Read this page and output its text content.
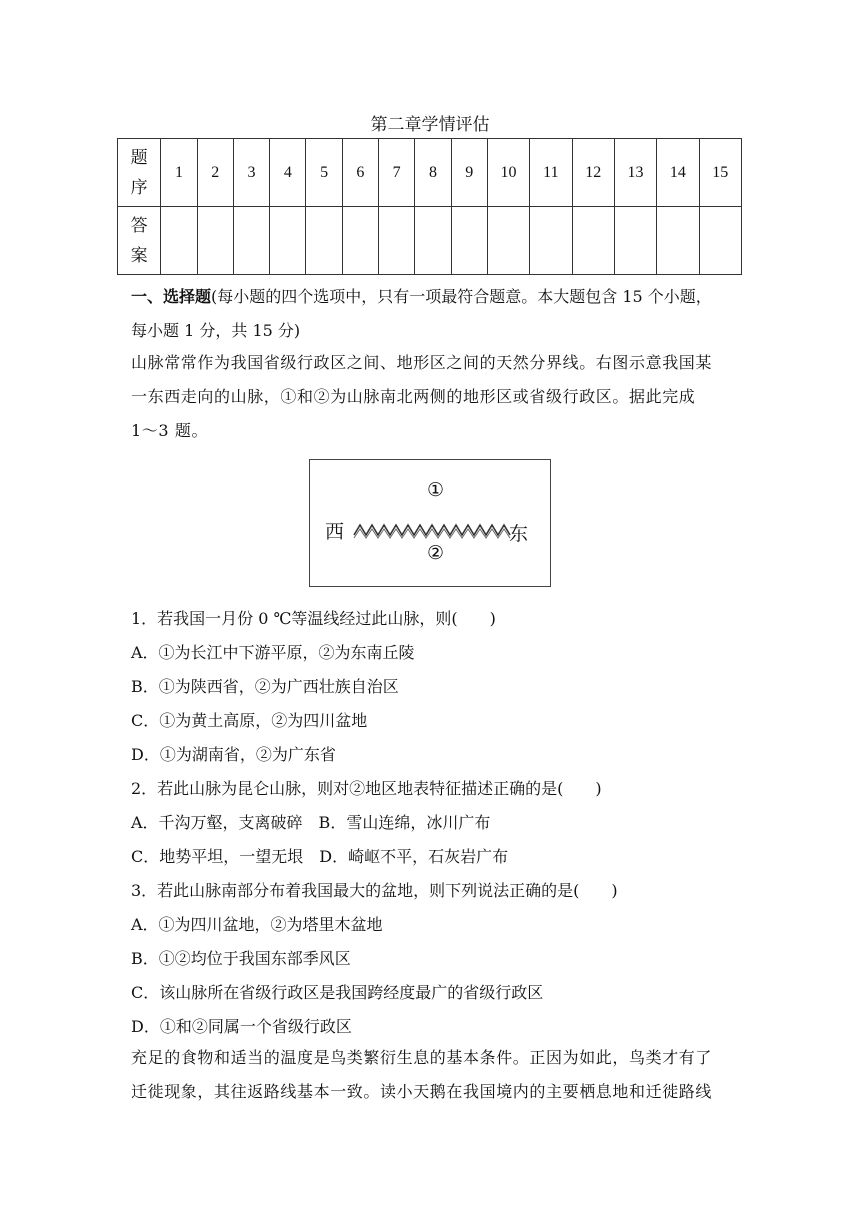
第二章学情评估
题
序	1	2	3	4	5	6	7	8	9	10	11	12	13	14	15

答
案															

一、选择题(每小题的四个选项中，只有一项最符合题意。本大题包含 15 个小题，
每小题 1 分，共 15 分)
山脉常常作为我国省级行政区之间、地形区之间的天然分界线。右图示意我国某
一东西走向的山脉，①和②为山脉南北两侧的地形区或省级行政区。据此完成
1～3 题。
①
西	东
②
1．若我国一月份 0 ℃等温线经过此山脉，则(　　)
A．①为长江中下游平原，②为东南丘陵
B．①为陕西省，②为广西壮族自治区
C．①为黄土高原，②为四川盆地
D．①为湖南省，②为广东省
2．若此山脉为昆仑山脉，则对②地区地表特征描述正确的是(　　)
A．千沟万壑，支离破碎　B．雪山连绵，冰川广布
C．地势平坦，一望无垠　D．崎岖不平，石灰岩广布
3．若此山脉南部分布着我国最大的盆地，则下列说法正确的是(　　)
A．①为四川盆地，②为塔里木盆地
B．①②均位于我国东部季风区
C．该山脉所在省级行政区是我国跨经度最广的省级行政区
D．①和②同属一个省级行政区
充足的食物和适当的温度是鸟类繁衍生息的基本条件。正因为如此，鸟类才有了
迁徙现象，其往返路线基本一致。读小天鹅在我国境内的主要栖息地和迁徙路线
